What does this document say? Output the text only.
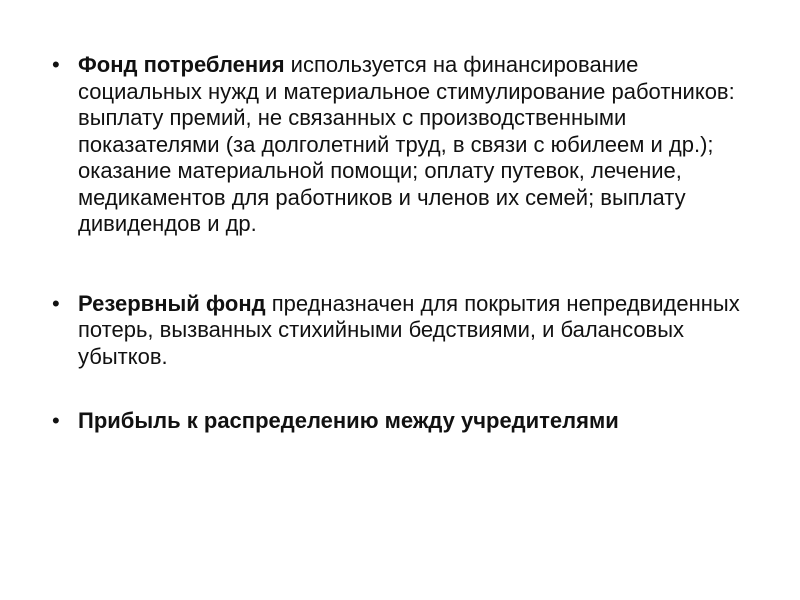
• Фонд потребления используется на финансирование социальных нужд и материальное стимулирование работников: выплату премий, не связанных с производственными показателями (за долголетний труд, в связи с юбилеем и др.); оказание материальной помощи; оплату путевок, лечение, медикаментов для работников и членов их семей; выплату дивидендов и др.
• Резервный фонд предназначен для покрытия непредвиденных потерь, вызванных стихийными бедствиями, и балансовых убытков.
• Прибыль к распределению между учредителями
